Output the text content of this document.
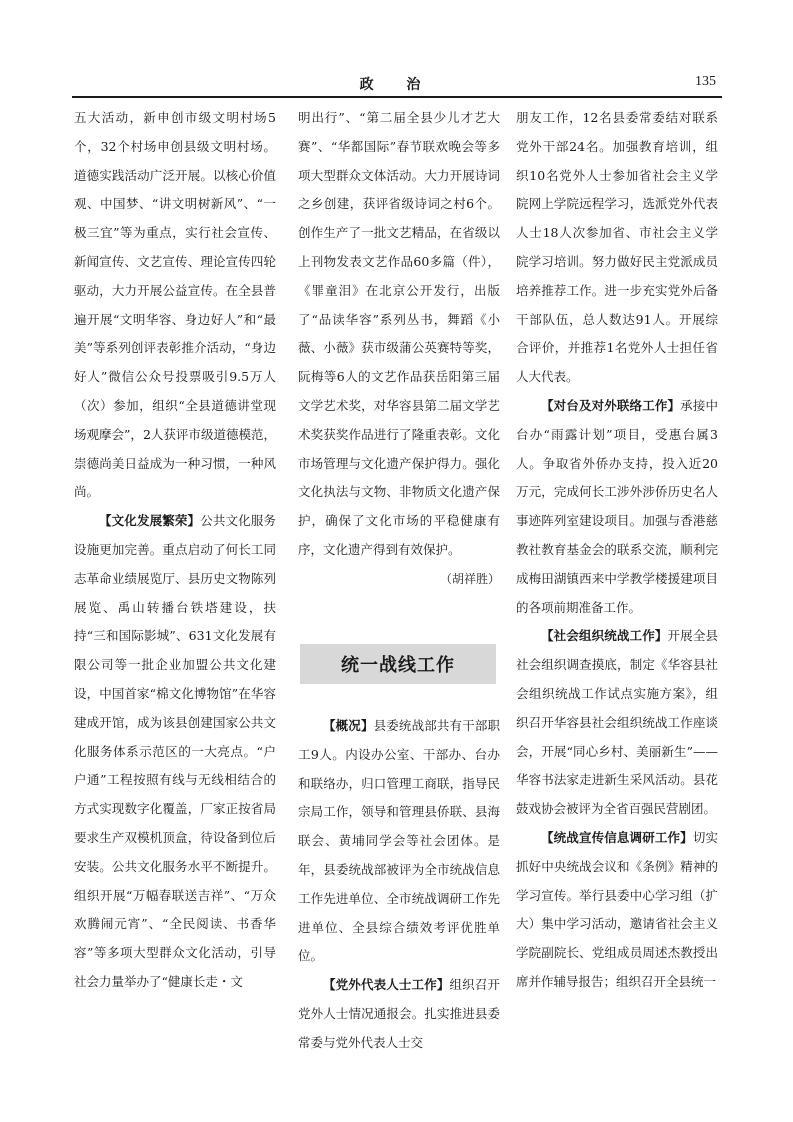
政 治	135

五大活动，新申创市级文明村场5个，32个村场申创县级文明村场。道德实践活动广泛开展。以核心价值观、中国梦、“讲文明树新风”、“一极三宜”等为重点，实行社会宣传、新闻宣传、文艺宣传、理论宣传四轮驱动，大力开展公益宣传。在全县普遍开展“文明华容、身边好人”和“最美”等系列创评表彰推介活动，“身边好人”微信公众号投票吸引9.5万人（次）参加，组织“全县道德讲堂现场观摩会”，2人获评市级道德模范，崇德尚美日益成为一种习惯，一种风尚。

【文化发展繁荣】公共文化服务设施更加完善。重点启动了何长工同志革命业绩展览厅、县历史文物陈列展览、禹山转播台铁塔建设，扶持“三和国际影城”、631文化发展有限公司等一批企业加盟公共文化建设，中国首家“棉文化博物馆”在华容建成开馆，成为该县创建国家公共文化服务体系示范区的一大亮点。“户户通”工程按照有线与无线相结合的方式实现数字化覆盖，厂家正按省局要求生产双模机顶盒，待设备到位后安装。公共文化服务水平不断提升。组织开展“万幅春联送吉祥”、“万众欢腾闹元宵”、“全民阅读、书香华容”等多项大型群众文化活动，引导社会力量举办了“健康长走・文

明出行”、“第二届全县少儿才艺大赛”、“华都国际”春节联欢晚会等多项大型群众文体活动。大力开展诗词之乡创建，获评省级诗词之村6个。创作生产了一批文艺精品，在省级以上刊物发表文艺作品60多篇（件），《罪童泪》在北京公开发行，出版了“品读华容”系列丛书，舞蹈《小薇、小薇》获市级蒲公英赛特等奖，阮梅等6人的文艺作品获岳阳第三届文学艺术奖，对华容县第二届文学艺术奖获奖作品进行了隆重表彰。文化市场管理与文化遗产保护得力。强化文化执法与文物、非物质文化遗产保护，确保了文化市场的平稳健康有序，文化遗产得到有效保护。

（胡祥胜）

统一战线工作

【概况】县委统战部共有干部职工9人。内设办公室、干部办、台办和联络办，归口管理工商联，指导民宗局工作，领导和管理县侨联、县海联会、黄埔同学会等社会团体。是年，县委统战部被评为全市统战信息工作先进单位、全市统战调研工作先进单位、全县综合绩效考评优胜单位。

【党外代表人士工作】组织召开党外人士情况通报会。扎实推进县委常委与党外代表人士交

朋友工作，12名县委常委结对联系党外干部24名。加强教育培训，组织10名党外人士参加省社会主义学院网上学院远程学习，选派党外代表人士18人次参加省、市社会主义学院学习培训。努力做好民主党派成员培养推荐工作。进一步充实党外后备干部队伍，总人数达91人。开展综合评价，并推荐1名党外人士担任省人大代表。

【对台及对外联络工作】承接中台办“雨露计划”项目，受惠台属3人。争取省外侨办支持，投入近20万元，完成何长工涉外涉侨历史名人事迹阵列室建设项目。加强与香港慈教社教育基金会的联系交流，顺利完成梅田湖镇西来中学教学楼援建项目的各项前期准备工作。

【社会组织统战工作】开展全县社会组织调查摸底，制定《华容县社会组织统战工作试点实施方案》，组织召开华容县社会组织统战工作座谈会，开展“同心乡村、美丽新生”——华容书法家走进新生采风活动。县花鼓戏协会被评为全省百强民营剧团。

【统战宣传信息调研工作】切实抓好中央统战会议和《条例》精神的学习宣传。举行县委中心学习组（扩大）集中学习活动，邀请省社会主义学院副院长、党组成员周述杰教授出席并作辅导报告；组织召开全县统一
